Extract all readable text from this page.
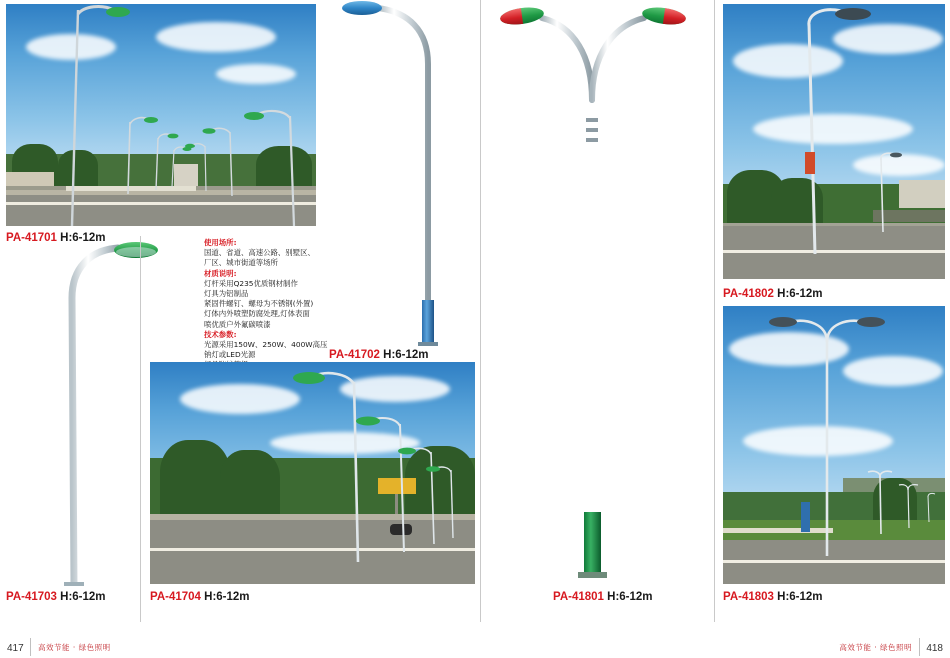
PA-41701 H:6-12m
PA-41703 H:6-12m
使用场所:
国道、省道、高速公路、别墅区、
厂区、城市街道等场所
材质说明:
灯杆采用Q235优质钢材制作
灯具为铝制品
紧固件螺钉、螺母为不锈钢(外置)
灯体内外喷塑防腐处理,灯体表面
喷优质户外氟碳喷漆
技术参数:
光源采用150W、250W、400W高压
钠灯或LED光源	PA-41702 H:6-12m
PA-41704 H:6-12m	PA-41801 H:6-12m
PA-41802 H:6-12m
PA-41803 H:6-12m
417 高效节能 · 绿色照明	高效节能 · 绿色照明 418
